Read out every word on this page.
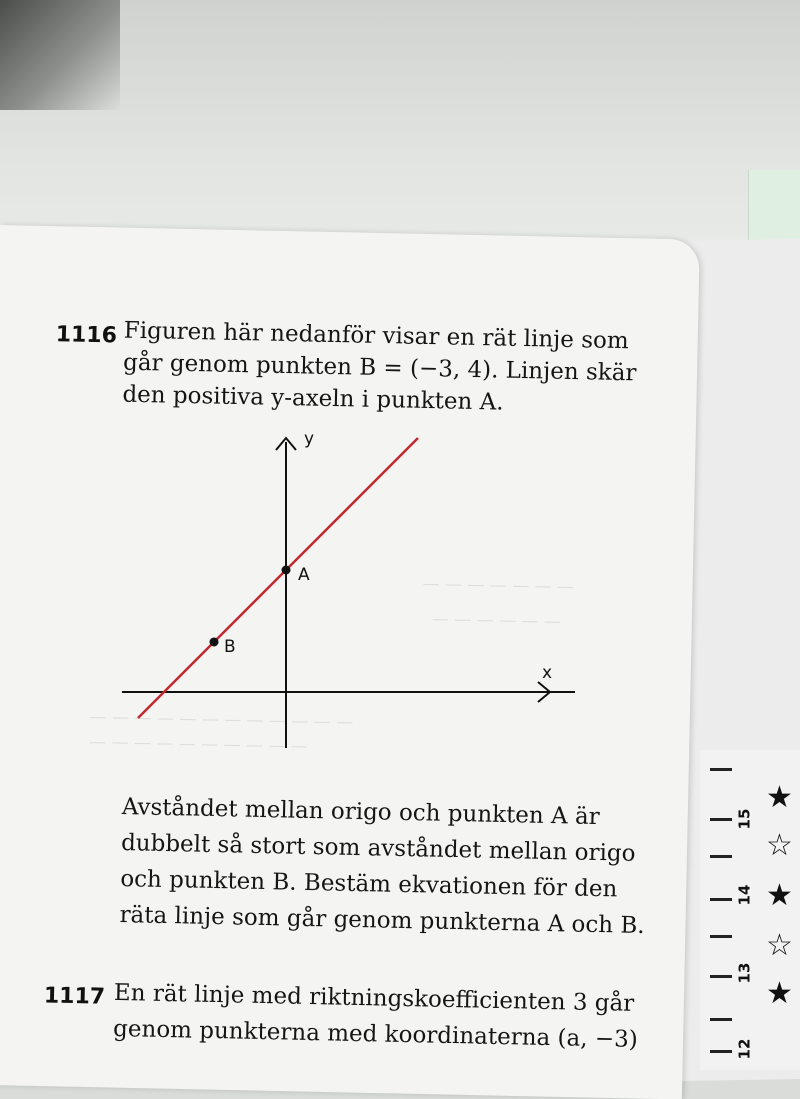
15
14
13
12
★
☆
★
☆
★
— — — — — — —
— — — — — —
— — — — — — — — — — — —
— — — — — — — — — —
1116 Figuren här nedanför visar en rät linje som
går genom punkten B = (−3, 4). Linjen skär
den positiva y-axeln i punkten A.
x
y
A
B
Avståndet mellan origo och punkten A är
dubbelt så stort som avståndet mellan origo
och punkten B. Bestäm ekvationen för den
räta linje som går genom punkterna A och B.
1117 En rät linje med riktningskoefficienten 3 går
genom punkterna med koordinaterna (a, −3)
